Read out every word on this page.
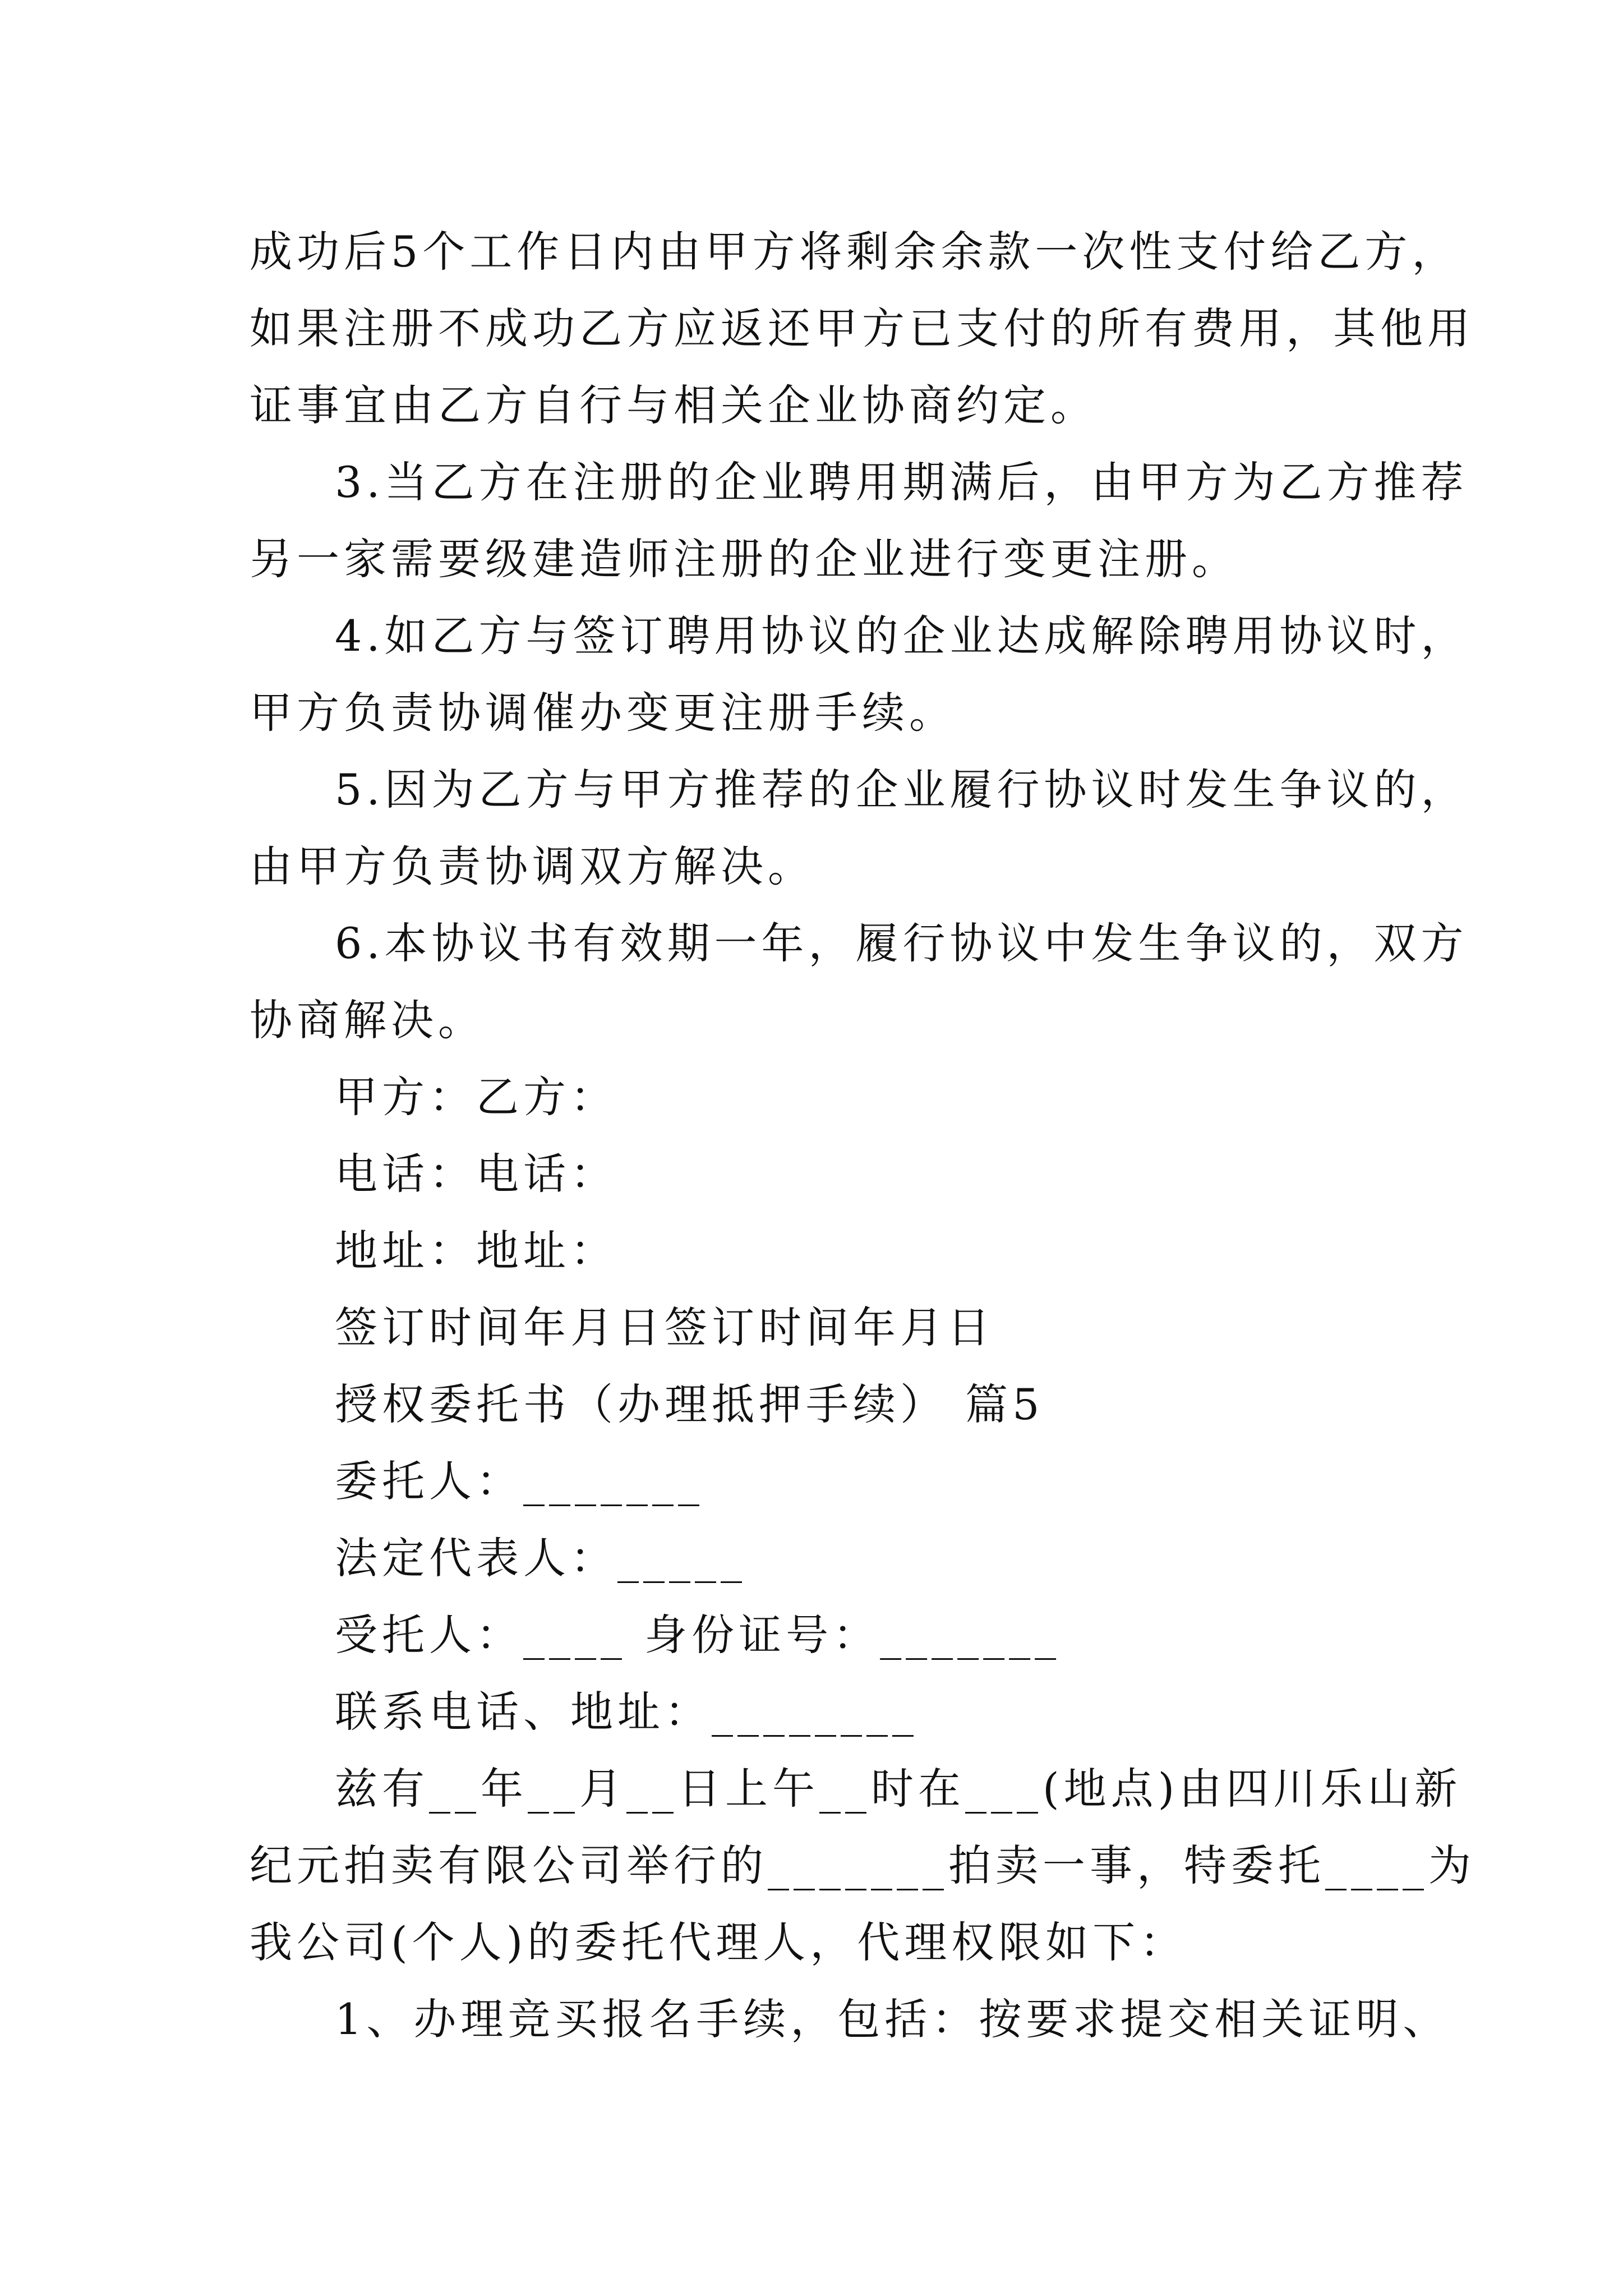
成功后5个工作日内由甲方将剩余余款一次性支付给乙方，
如果注册不成功乙方应返还甲方已支付的所有费用，其他用
证事宜由乙方自行与相关企业协商约定。
3.当乙方在注册的企业聘用期满后，由甲方为乙方推荐
另一家需要级建造师注册的企业进行变更注册。
4.如乙方与签订聘用协议的企业达成解除聘用协议时，
甲方负责协调催办变更注册手续。
5.因为乙方与甲方推荐的企业履行协议时发生争议的，
由甲方负责协调双方解决。
6.本协议书有效期一年，履行协议中发生争议的，双方
协商解决。
甲方：乙方：
电话：电话：
地址：地址：
签订时间年月日签订时间年月日
授权委托书（办理抵押手续） 篇5
委托人：_______
法定代表人：_____
受托人：____ 身份证号：_______
联系电话、地址：________
兹有__年__月__日上午__时在___(地点)由四川乐山新
纪元拍卖有限公司举行的_______拍卖一事，特委托____为
我公司(个人)的委托代理人，代理权限如下：
1、办理竞买报名手续，包括：按要求提交相关证明、
